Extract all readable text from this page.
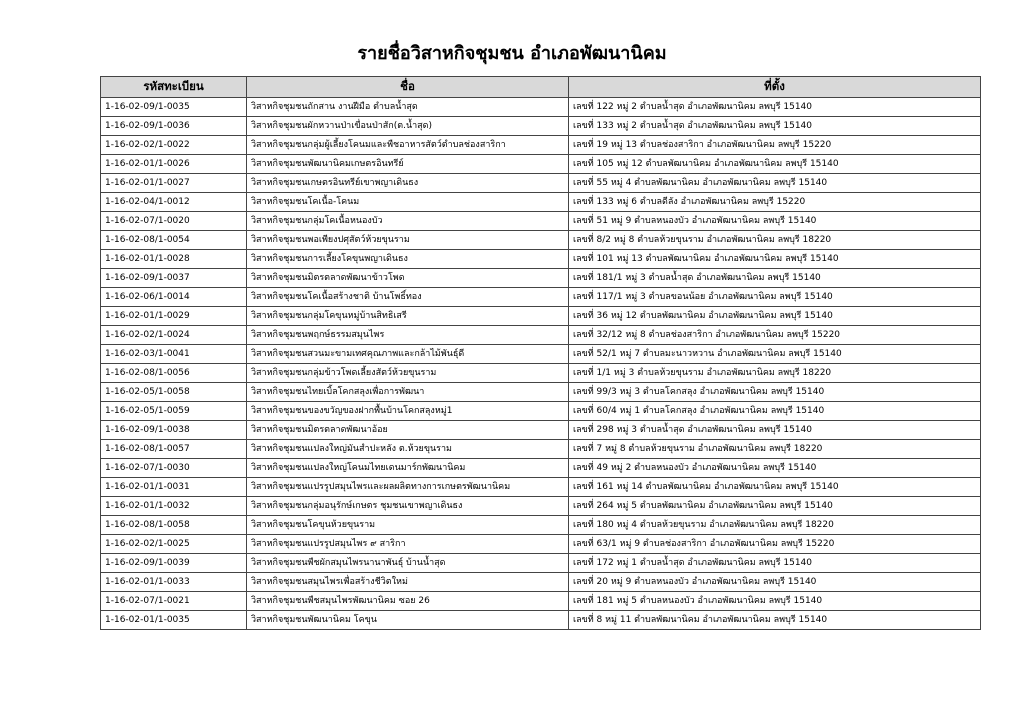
รายชื่อวิสาหกิจชุมชน อำเภอพัฒนานิคม
รหัสทะเบียน	ชื่อ	ที่ตั้ง
1-16-02-09/1-0035	วิสาหกิจชุมชนถักสาน งานฝีมือ ตำบลน้ำสุด	เลขที่ 122 หมู่ 2 ตำบลน้ำสุด อำเภอพัฒนานิคม ลพบุรี 15140
1-16-02-09/1-0036	วิสาหกิจชุมชนผักหวานป่าเขื่อนป่าสัก(ต.น้ำสุด)	เลขที่ 133 หมู่ 2 ตำบลน้ำสุด อำเภอพัฒนานิคม ลพบุรี 15140
1-16-02-02/1-0022	วิสาหกิจชุมชนกลุ่มผู้เลี้ยงโคนมและพืชอาหารสัตว์ตำบลช่องสาริกา	เลขที่ 19 หมู่ 13 ตำบลช่องสาริกา อำเภอพัฒนานิคม ลพบุรี 15220
1-16-02-01/1-0026	วิสาหกิจชุมชนพัฒนานิคมเกษตรอินทรีย์	เลขที่ 105 หมู่ 12 ตำบลพัฒนานิคม อำเภอพัฒนานิคม ลพบุรี 15140
1-16-02-01/1-0027	วิสาหกิจชุมชนเกษตรอินทรีย์เขาพญาเดินธง	เลขที่ 55 หมู่ 4 ตำบลพัฒนานิคม อำเภอพัฒนานิคม ลพบุรี 15140
1-16-02-04/1-0012	วิสาหกิจชุมชนโคเนื้อ-โคนม	เลขที่ 133 หมู่ 6 ตำบลดีลัง อำเภอพัฒนานิคม ลพบุรี 15220
1-16-02-07/1-0020	วิสาหกิจชุมชนกลุ่มโคเนื้อหนองบัว	เลขที่ 51 หมู่ 9 ตำบลหนองบัว อำเภอพัฒนานิคม ลพบุรี 15140
1-16-02-08/1-0054	วิสาหกิจชุมชนพอเพียงปศุสัตว์ห้วยขุนราม	เลขที่ 8/2 หมู่ 8 ตำบลห้วยขุนราม อำเภอพัฒนานิคม ลพบุรี 18220
1-16-02-01/1-0028	วิสาหกิจชุมชนการเลี้ยงโคขุนพญาเดินธง	เลขที่ 101 หมู่ 13 ตำบลพัฒนานิคม อำเภอพัฒนานิคม ลพบุรี 15140
1-16-02-09/1-0037	วิสาหกิจชุมชนมิตรตลาดพัฒนาข้าวโพด	เลขที่ 181/1 หมู่ 3 ตำบลน้ำสุด อำเภอพัฒนานิคม ลพบุรี 15140
1-16-02-06/1-0014	วิสาหกิจชุมชนโคเนื้อสร้างชาติ บ้านโพธิ์ทอง	เลขที่ 117/1 หมู่ 3 ตำบลขอนน้อย อำเภอพัฒนานิคม ลพบุรี 15140
1-16-02-01/1-0029	วิสาหกิจชุมชนกลุ่มโคขุนหมู่บ้านสิทธิเสรี	เลขที่ 36 หมู่ 12 ตำบลพัฒนานิคม อำเภอพัฒนานิคม ลพบุรี 15140
1-16-02-02/1-0024	วิสาหกิจชุมชนพฤกษ์ธรรมสมุนไพร	เลขที่ 32/12 หมู่ 8 ตำบลช่องสาริกา อำเภอพัฒนานิคม ลพบุรี 15220
1-16-02-03/1-0041	วิสาหกิจชุมชนสวนมะขามเทศคุณภาพและกล้าไม้พันธุ์ดี	เลขที่ 52/1 หมู่ 7 ตำบลมะนาวหวาน อำเภอพัฒนานิคม ลพบุรี 15140
1-16-02-08/1-0056	วิสาหกิจชุมชนกลุ่มข้าวโพดเลี้ยงสัตว์ห้วยขุนราม	เลขที่ 1/1 หมู่ 3 ตำบลห้วยขุนราม อำเภอพัฒนานิคม ลพบุรี 18220
1-16-02-05/1-0058	วิสาหกิจชุมชนไทยเบิ้ลโคกสลุงเพื่อการพัฒนา	เลขที่ 99/3 หมู่ 3 ตำบลโคกสลุง อำเภอพัฒนานิคม ลพบุรี 15140
1-16-02-05/1-0059	วิสาหกิจชุมชนของขวัญของฝากพื้นบ้านโคกสลุงหมู่1	เลขที่ 60/4 หมู่ 1 ตำบลโคกสลุง อำเภอพัฒนานิคม ลพบุรี 15140
1-16-02-09/1-0038	วิสาหกิจชุมชนมิตรตลาดพัฒนาอ้อย	เลขที่ 298 หมู่ 3 ตำบลน้ำสุด อำเภอพัฒนานิคม ลพบุรี 15140
1-16-02-08/1-0057	วิสาหกิจชุมชนแปลงใหญ่มันสำปะหลัง ต.ห้วยขุนราม	เลขที่ 7 หมู่ 8 ตำบลห้วยขุนราม อำเภอพัฒนานิคม ลพบุรี 18220
1-16-02-07/1-0030	วิสาหกิจชุมชนแปลงใหญ่โคนมไทยเดนมาร์กพัฒนานิคม	เลขที่ 49 หมู่ 2 ตำบลหนองบัว อำเภอพัฒนานิคม ลพบุรี 15140
1-16-02-01/1-0031	วิสาหกิจชุมชนแปรรูปสมุนไพรและผลผลิตทางการเกษตรพัฒนานิคม	เลขที่ 161 หมู่ 14 ตำบลพัฒนานิคม อำเภอพัฒนานิคม ลพบุรี 15140
1-16-02-01/1-0032	วิสาหกิจชุมชนกลุ่มอนุรักษ์เกษตร ชุมชนเขาพญาเดินธง	เลขที่ 264 หมู่ 5 ตำบลพัฒนานิคม อำเภอพัฒนานิคม ลพบุรี 15140
1-16-02-08/1-0058	วิสาหกิจชุมชนโคขุนห้วยขุนราม	เลขที่ 180 หมู่ 4 ตำบลห้วยขุนราม อำเภอพัฒนานิคม ลพบุรี 18220
1-16-02-02/1-0025	วิสาหกิจชุมชนแปรรูปสมุนไพร ๙ สาริกา	เลขที่ 63/1 หมู่ 9 ตำบลช่องสาริกา อำเภอพัฒนานิคม ลพบุรี 15220
1-16-02-09/1-0039	วิสาหกิจชุมชนพืชผักสมุนไพรนานาพันธุ์ บ้านน้ำสุด	เลขที่ 172 หมู่ 1 ตำบลน้ำสุด อำเภอพัฒนานิคม ลพบุรี 15140
1-16-02-01/1-0033	วิสาหกิจชุมชนสมุนไพรเพื่อสร้างชีวิตใหม่	เลขที่ 20 หมู่ 9 ตำบลหนองบัว อำเภอพัฒนานิคม ลพบุรี 15140
1-16-02-07/1-0021	วิสาหกิจชุมชนพืชสมุนไพรพัฒนานิคม ซอย 26	เลขที่ 181 หมู่ 5 ตำบลหนองบัว อำเภอพัฒนานิคม ลพบุรี 15140
1-16-02-01/1-0035	วิสาหกิจชุมชนพัฒนานิคม โคขุน	เลขที่ 8 หมู่ 11 ตำบลพัฒนานิคม อำเภอพัฒนานิคม ลพบุรี 15140
